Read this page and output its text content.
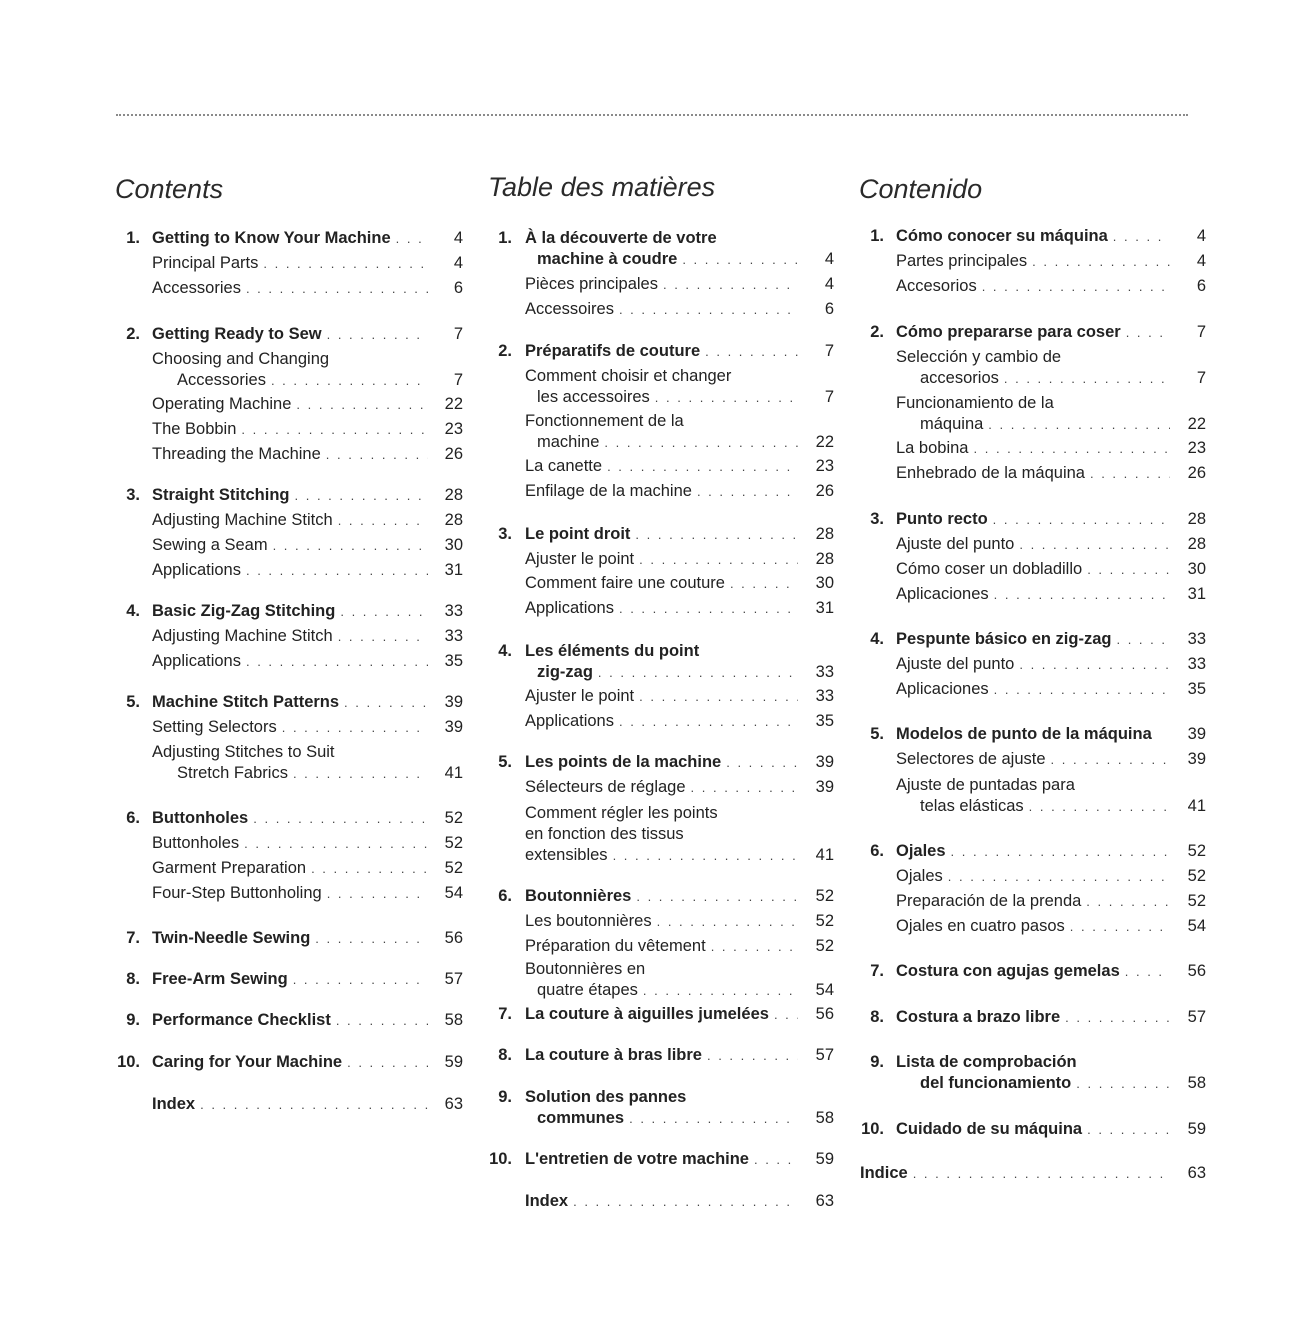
Contents
1. Getting to Know Your Machine . . .	4
Principal Parts . . .	4
Accessories . . .	6
2. Getting Ready to Sew . . .	7
Choosing and Changing
Accessories . . .	7
Operating Machine . . .	22
The Bobbin . . .	23
Threading the Machine . . .	26
3. Straight Stitching . . .	28
Adjusting Machine Stitch . . .	28
Sewing a Seam . . .	30
Applications . . .	31
4. Basic Zig-Zag Stitching . . .	33
Adjusting Machine Stitch . . .	33
Applications . . .	35
5. Machine Stitch Patterns . . .	39
Setting Selectors . . .	39
Adjusting Stitches to Suit
Stretch Fabrics . . .	41
6. Buttonholes . . .	52
Buttonholes . . .	52
Garment Preparation . . .	52
Four-Step Buttonholing . . .	54
7. Twin-Needle Sewing . . .	56
8. Free-Arm Sewing . . .	57
9. Performance Checklist . . .	58
10. Caring for Your Machine . . .	59
Index . . .	63
Table des matières
1. À la découverte de votre
machine à coudre . . .	4
Pièces principales . . .	4
Accessoires . . .	6
2. Préparatifs de couture . . .	7
Comment choisir et changer
les accessoires . . .	7
Fonctionnement de la
machine . . .	22
La canette . . .	23
Enfilage de la machine . . .	26
3. Le point droit . . .	28
Ajuster le point . . .	28
Comment faire une couture . . .	30
Applications . . .	31
4. Les éléments du point
zig-zag . . .	33
Ajuster le point . . .	33
Applications . . .	35
5. Les points de la machine . . .	39
Sélecteurs de réglage . . .	39
Comment régler les points
en fonction des tissus
extensibles . . .	41
6. Boutonnières . . .	52
Les boutonnières . . .	52
Préparation du vêtement . . .	52
Boutonnières en
quatre étapes . . .	54
7. La couture à aiguilles jumelées . . .	56
8. La couture à bras libre . . .	57
9. Solution des pannes
communes . . .	58
10. L'entretien de votre machine . . .	59
Index . . .	63
Contenido
1. Cómo conocer su máquina . . .	4
Partes principales . . .	4
Accesorios . . .	6
2. Cómo prepararse para coser . . .	7
Selección y cambio de
accesorios . . .	7
Funcionamiento de la
máquina . . .	22
La bobina . . .	23
Enhebrado de la máquina . . .	26
3. Punto recto . . .	28
Ajuste del punto . . .	28
Cómo coser un dobladillo . . .	30
Aplicaciones . . .	31
4. Pespunte básico en zig-zag . . .	33
Ajuste del punto . . .	33
Aplicaciones . . .	35
5. Modelos de punto de la máquina	39
Selectores de ajuste . . .	39
Ajuste de puntadas para
telas elásticas . . .	41
6. Ojales . . .	52
Ojales . . .	52
Preparación de la prenda . . .	52
Ojales en cuatro pasos . . .	54
7. Costura con agujas gemelas . . .	56
8. Costura a brazo libre . . .	57
9. Lista de comprobación
del funcionamiento . . .	58
10. Cuidado de su máquina . . .	59
Indice . . .	63
